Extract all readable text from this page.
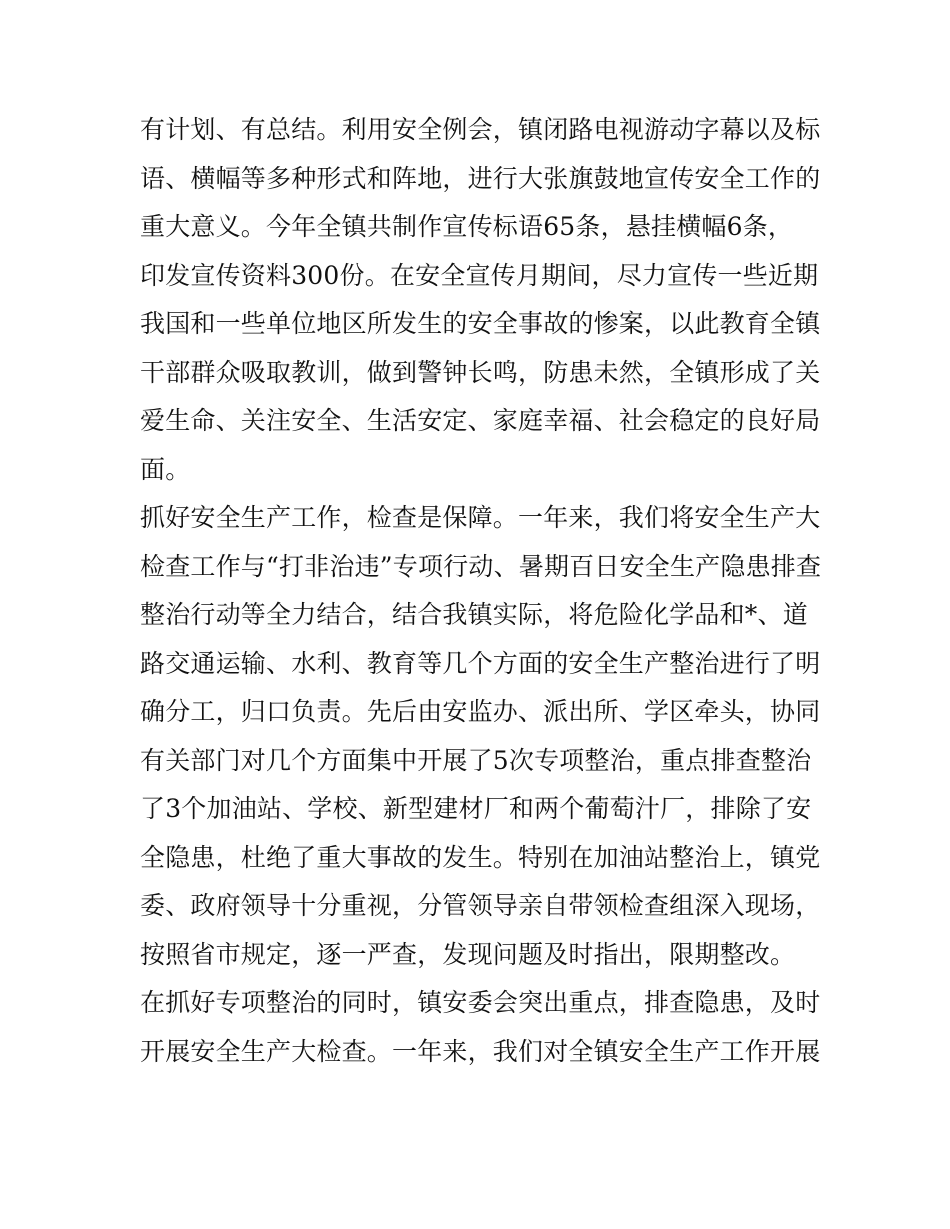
有计划、有总结。利用安全例会，镇闭路电视游动字幕以及标
语、横幅等多种形式和阵地，进行大张旗鼓地宣传安全工作的
重大意义。今年全镇共制作宣传标语65条，悬挂横幅6条，
印发宣传资料300份。在安全宣传月期间，尽力宣传一些近期
我国和一些单位地区所发生的安全事故的惨案，以此教育全镇
干部群众吸取教训，做到警钟长鸣，防患未然，全镇形成了关
爱生命、关注安全、生活安定、家庭幸福、社会稳定的良好局
面。
抓好安全生产工作，检查是保障。一年来，我们将安全生产大
检查工作与“打非治违”专项行动、暑期百日安全生产隐患排查
整治行动等全力结合，结合我镇实际，将危险化学品和*、道
路交通运输、水利、教育等几个方面的安全生产整治进行了明
确分工，归口负责。先后由安监办、派出所、学区牵头，协同
有关部门对几个方面集中开展了5次专项整治，重点排查整治
了3个加油站、学校、新型建材厂和两个葡萄汁厂，排除了安
全隐患，杜绝了重大事故的发生。特别在加油站整治上，镇党
委、政府领导十分重视，分管领导亲自带领检查组深入现场，
按照省市规定，逐一严查，发现问题及时指出，限期整改。
在抓好专项整治的同时，镇安委会突出重点，排查隐患，及时
开展安全生产大检查。一年来，我们对全镇安全生产工作开展
